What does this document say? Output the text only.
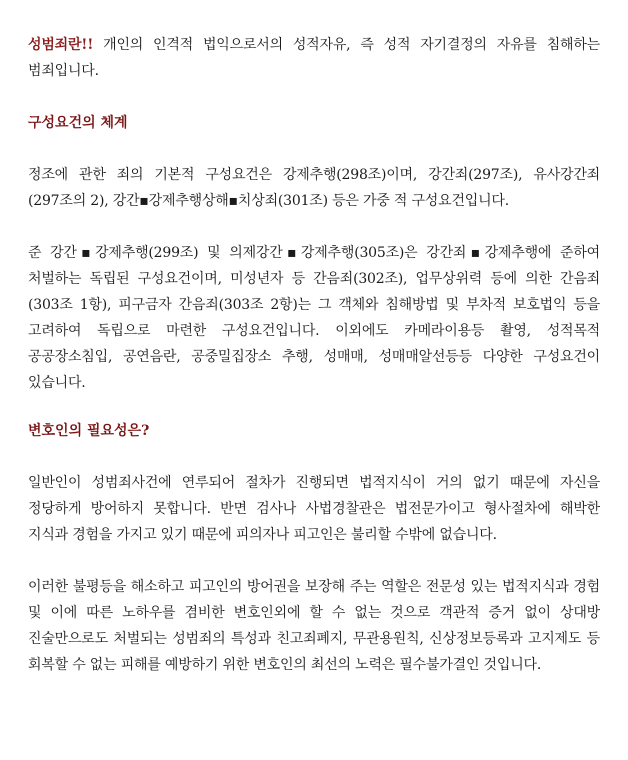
성범죄란!! 개인의 인격적 법익으로서의 성적자유, 즉 성적 자기결정의 자유를 침해하는 범죄입니다.

구성요건의 체계

정조에 관한 죄의 기본적 구성요건은 강제추행(298조)이며, 강간죄(297조), 유사강간죄(297조의 2), 강간▪강제추행상해▪치상죄(301조) 등은 가중 적 구성요건입니다.

준 강간▪강제추행(299조) 및 의제강간▪강제추행(305조)은 강간죄▪강제추행에 준하여 처벌하는 독립된 구성요건이며, 미성년자 등 간음죄(302조), 업무상위력 등에 의한 간음죄(303조 1항), 피구금자 간음죄(303조 2항)는 그 객체와 침해방법 및 부차적 보호법익 등을 고려하여 독립으로 마련한 구성요건입니다. 이외에도 카메라이용등 촬영, 성적목적 공공장소침입, 공연음란, 공중밀집장소 추행, 성매매, 성매매알선등등 다양한 구성요건이 있습니다.

변호인의 필요성은?

일반인이 성범죄사건에 연루되어 절차가 진행되면 법적지식이 거의 없기 때문에 자신을 정당하게 방어하지 못합니다. 반면 검사나 사법경찰관은 법전문가이고 형사절차에 해박한 지식과 경험을 가지고 있기 때문에 피의자나 피고인은 불리할 수밖에 없습니다.

이러한 불평등을 해소하고 피고인의 방어권을 보장해 주는 역할은 전문성 있는 법적지식과 경험 및 이에 따른 노하우를 겸비한 변호인외에 할 수 없는 것으로 객관적 증거 없이 상대방 진술만으로도 처벌되는 성범죄의 특성과 친고죄폐지, 무관용원칙, 신상정보등록과 고지제도 등 회복할 수 없는 피해를 예방하기 위한 변호인의 최선의 노력은 필수불가결인 것입니다.
